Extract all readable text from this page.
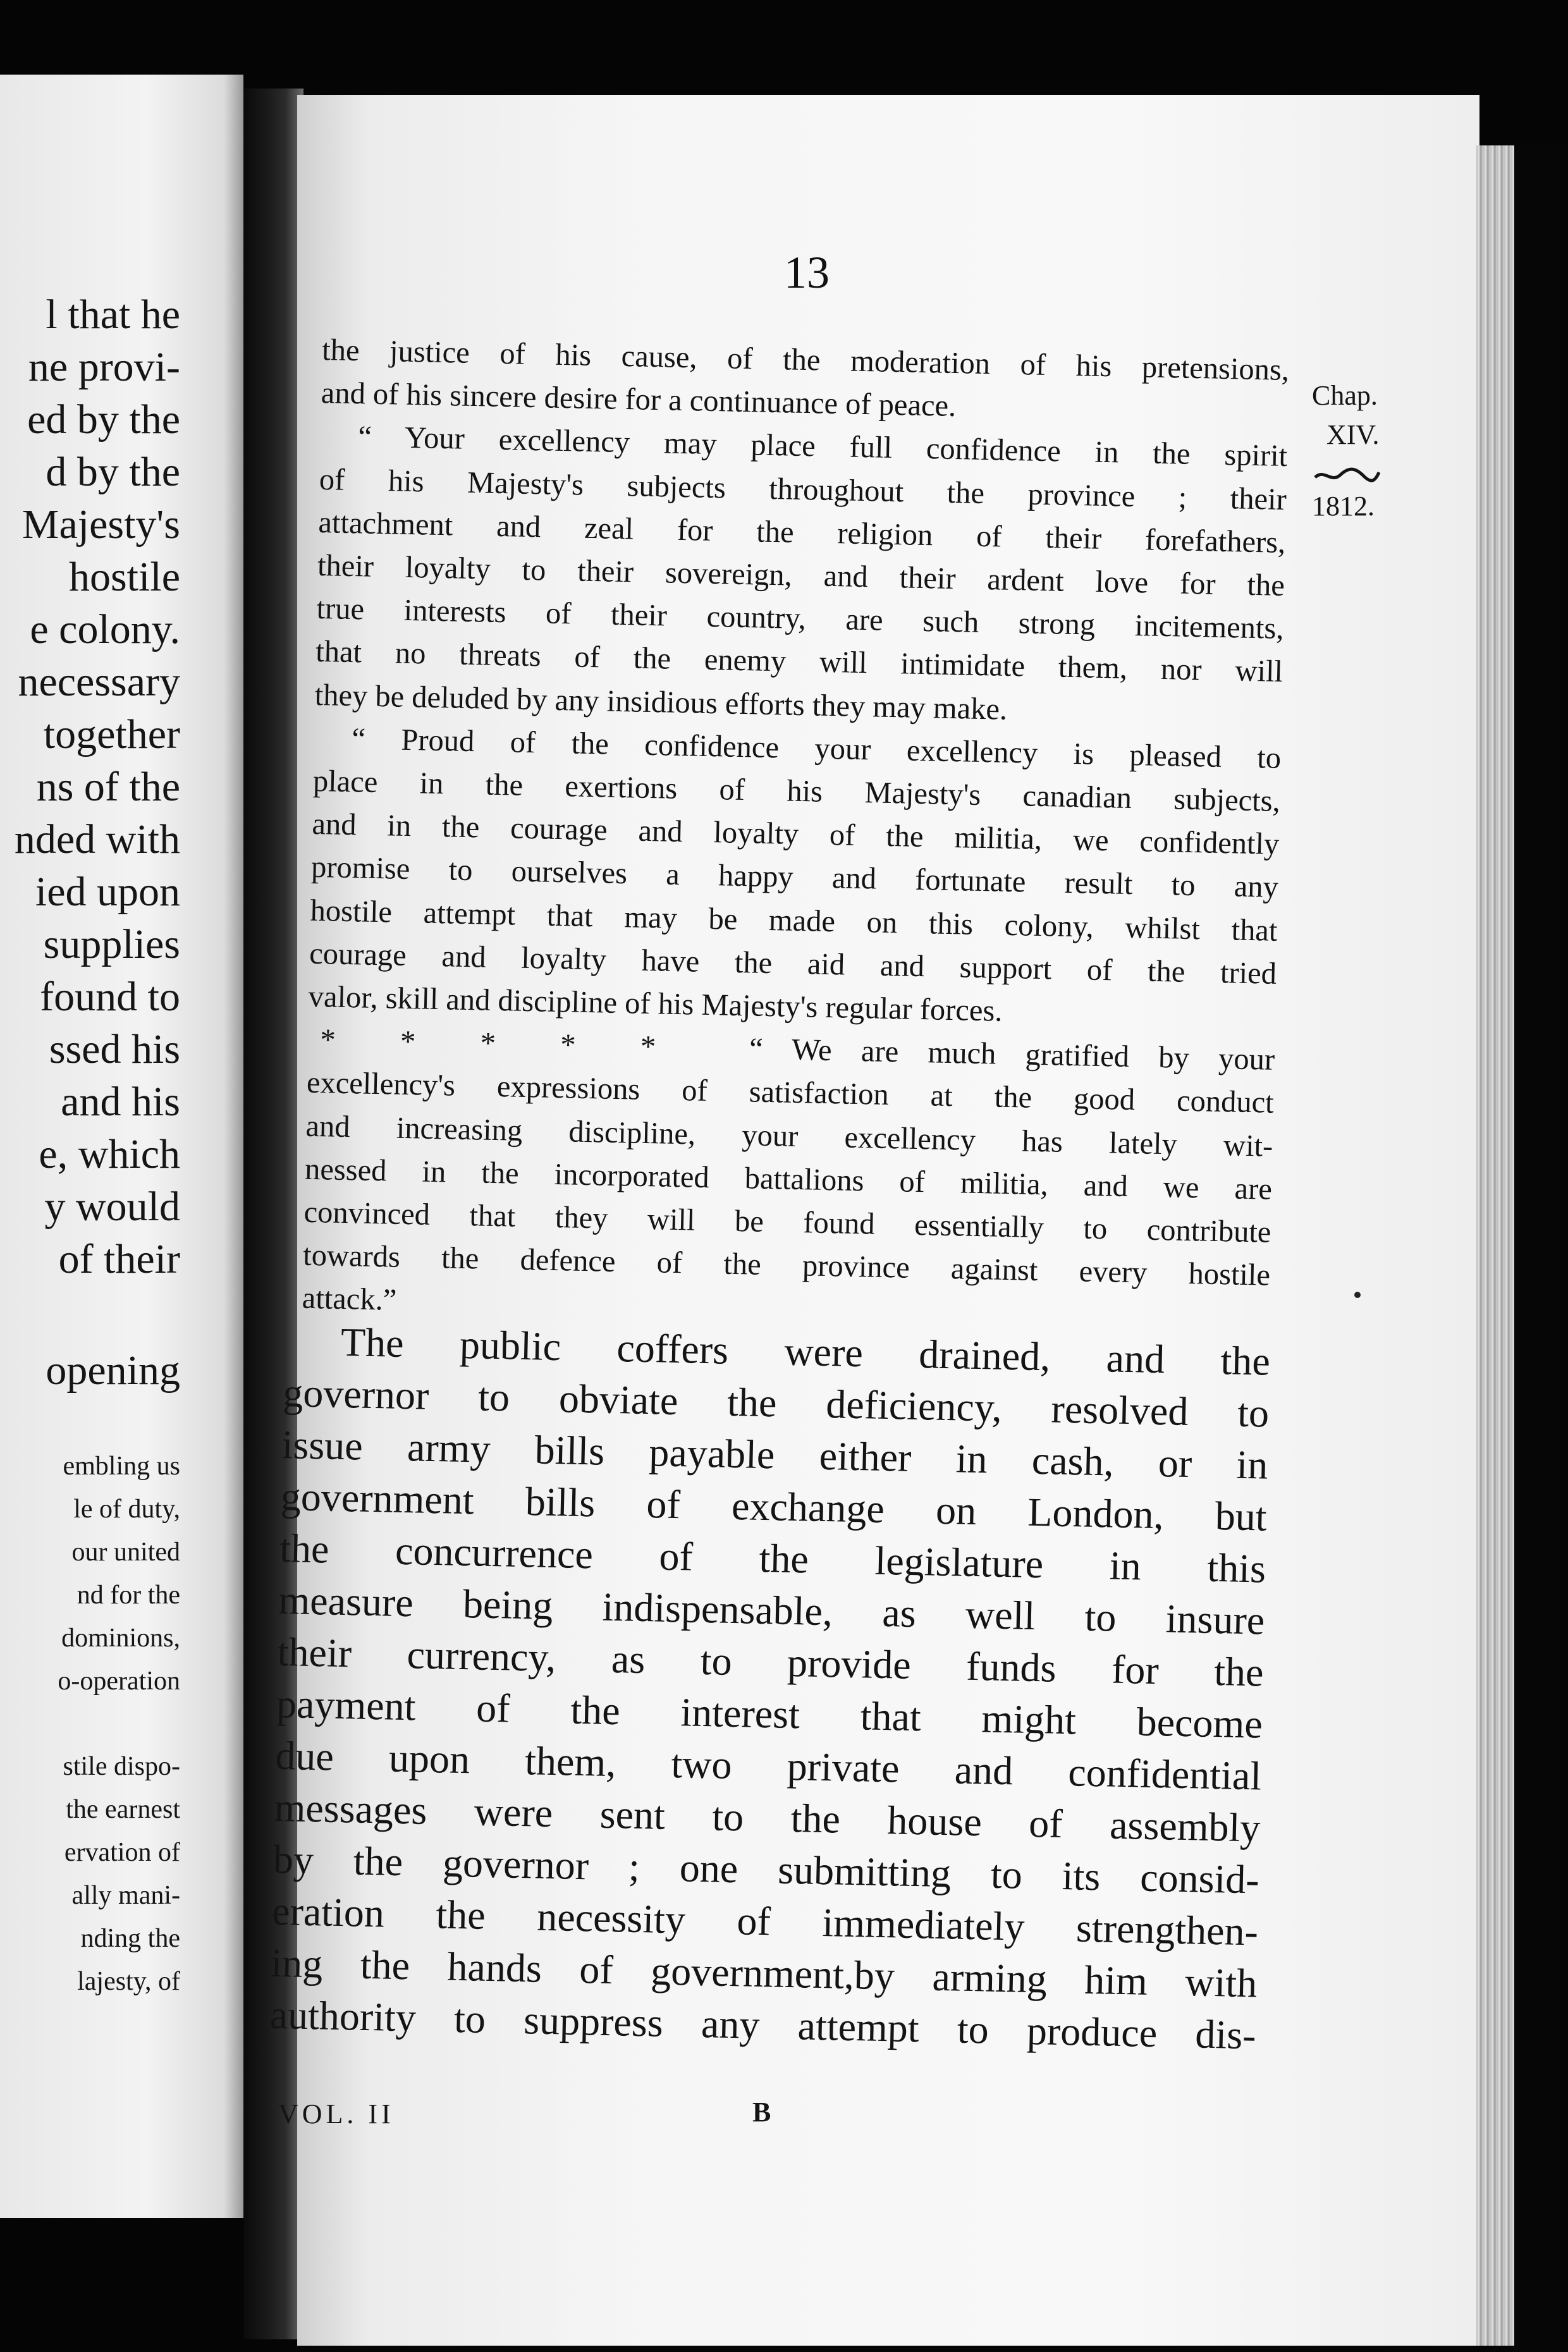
l that he
ne provi-
ed by the
d by the
Majesty's
hostile
e colony.
necessary
together
ns of the
nded with
ied upon
supplies
found to
ssed his
and his
e, which
y would
of their
opening
embling us
le of duty,
our united
nd for the
dominions,
o-operation
stile dispo-
the earnest
ervation of
ally mani-
nding the
lajesty, of
13
Chap.
XIV.
1812.
the justice of his cause, of the moderation of his pretensions,
and of his sincere desire for a continuance of peace.
“ Your excellency may place full confidence in the spirit
of his Majesty's subjects throughout the province ; their
attachment and zeal for the religion of their forefathers,
their loyalty to their sovereign, and their ardent love for the
true interests of their country, are such strong incitements,
that no threats of the enemy will intimidate them, nor will
they be deluded by any insidious efforts they may make.
“ Proud of the confidence your excellency is pleased to
place in the exertions of his Majesty's canadian subjects,
and in the courage and loyalty of the militia, we confidently
promise to ourselves a happy and fortunate result to any
hostile attempt that may be made on this colony, whilst that
courage and loyalty have the aid and support of the tried
valor, skill and discipline of his Majesty's regular forces.
* * * * * “ We are much gratified by your
excellency's expressions of satisfaction at the good conduct
and increasing discipline, your excellency has lately wit-
nessed in the incorporated battalions of militia, and we are
convinced that they will be found essentially to contribute
towards the defence of the province against every hostile
attack.”
The public coffers were drained, and the
governor to obviate the deficiency, resolved to
issue army bills payable either in cash, or in
government bills of exchange on London, but
the concurrence of the legislature in this
measure being indispensable, as well to insure
their currency, as to provide funds for the
payment of the interest that might become
due upon them, two private and confidential
messages were sent to the house of assembly
by the governor ; one submitting to its consid-
eration the necessity of immediately strengthen-
ing the hands of government,by arming him with
authority to suppress any attempt to produce dis-
VOL. II	B
